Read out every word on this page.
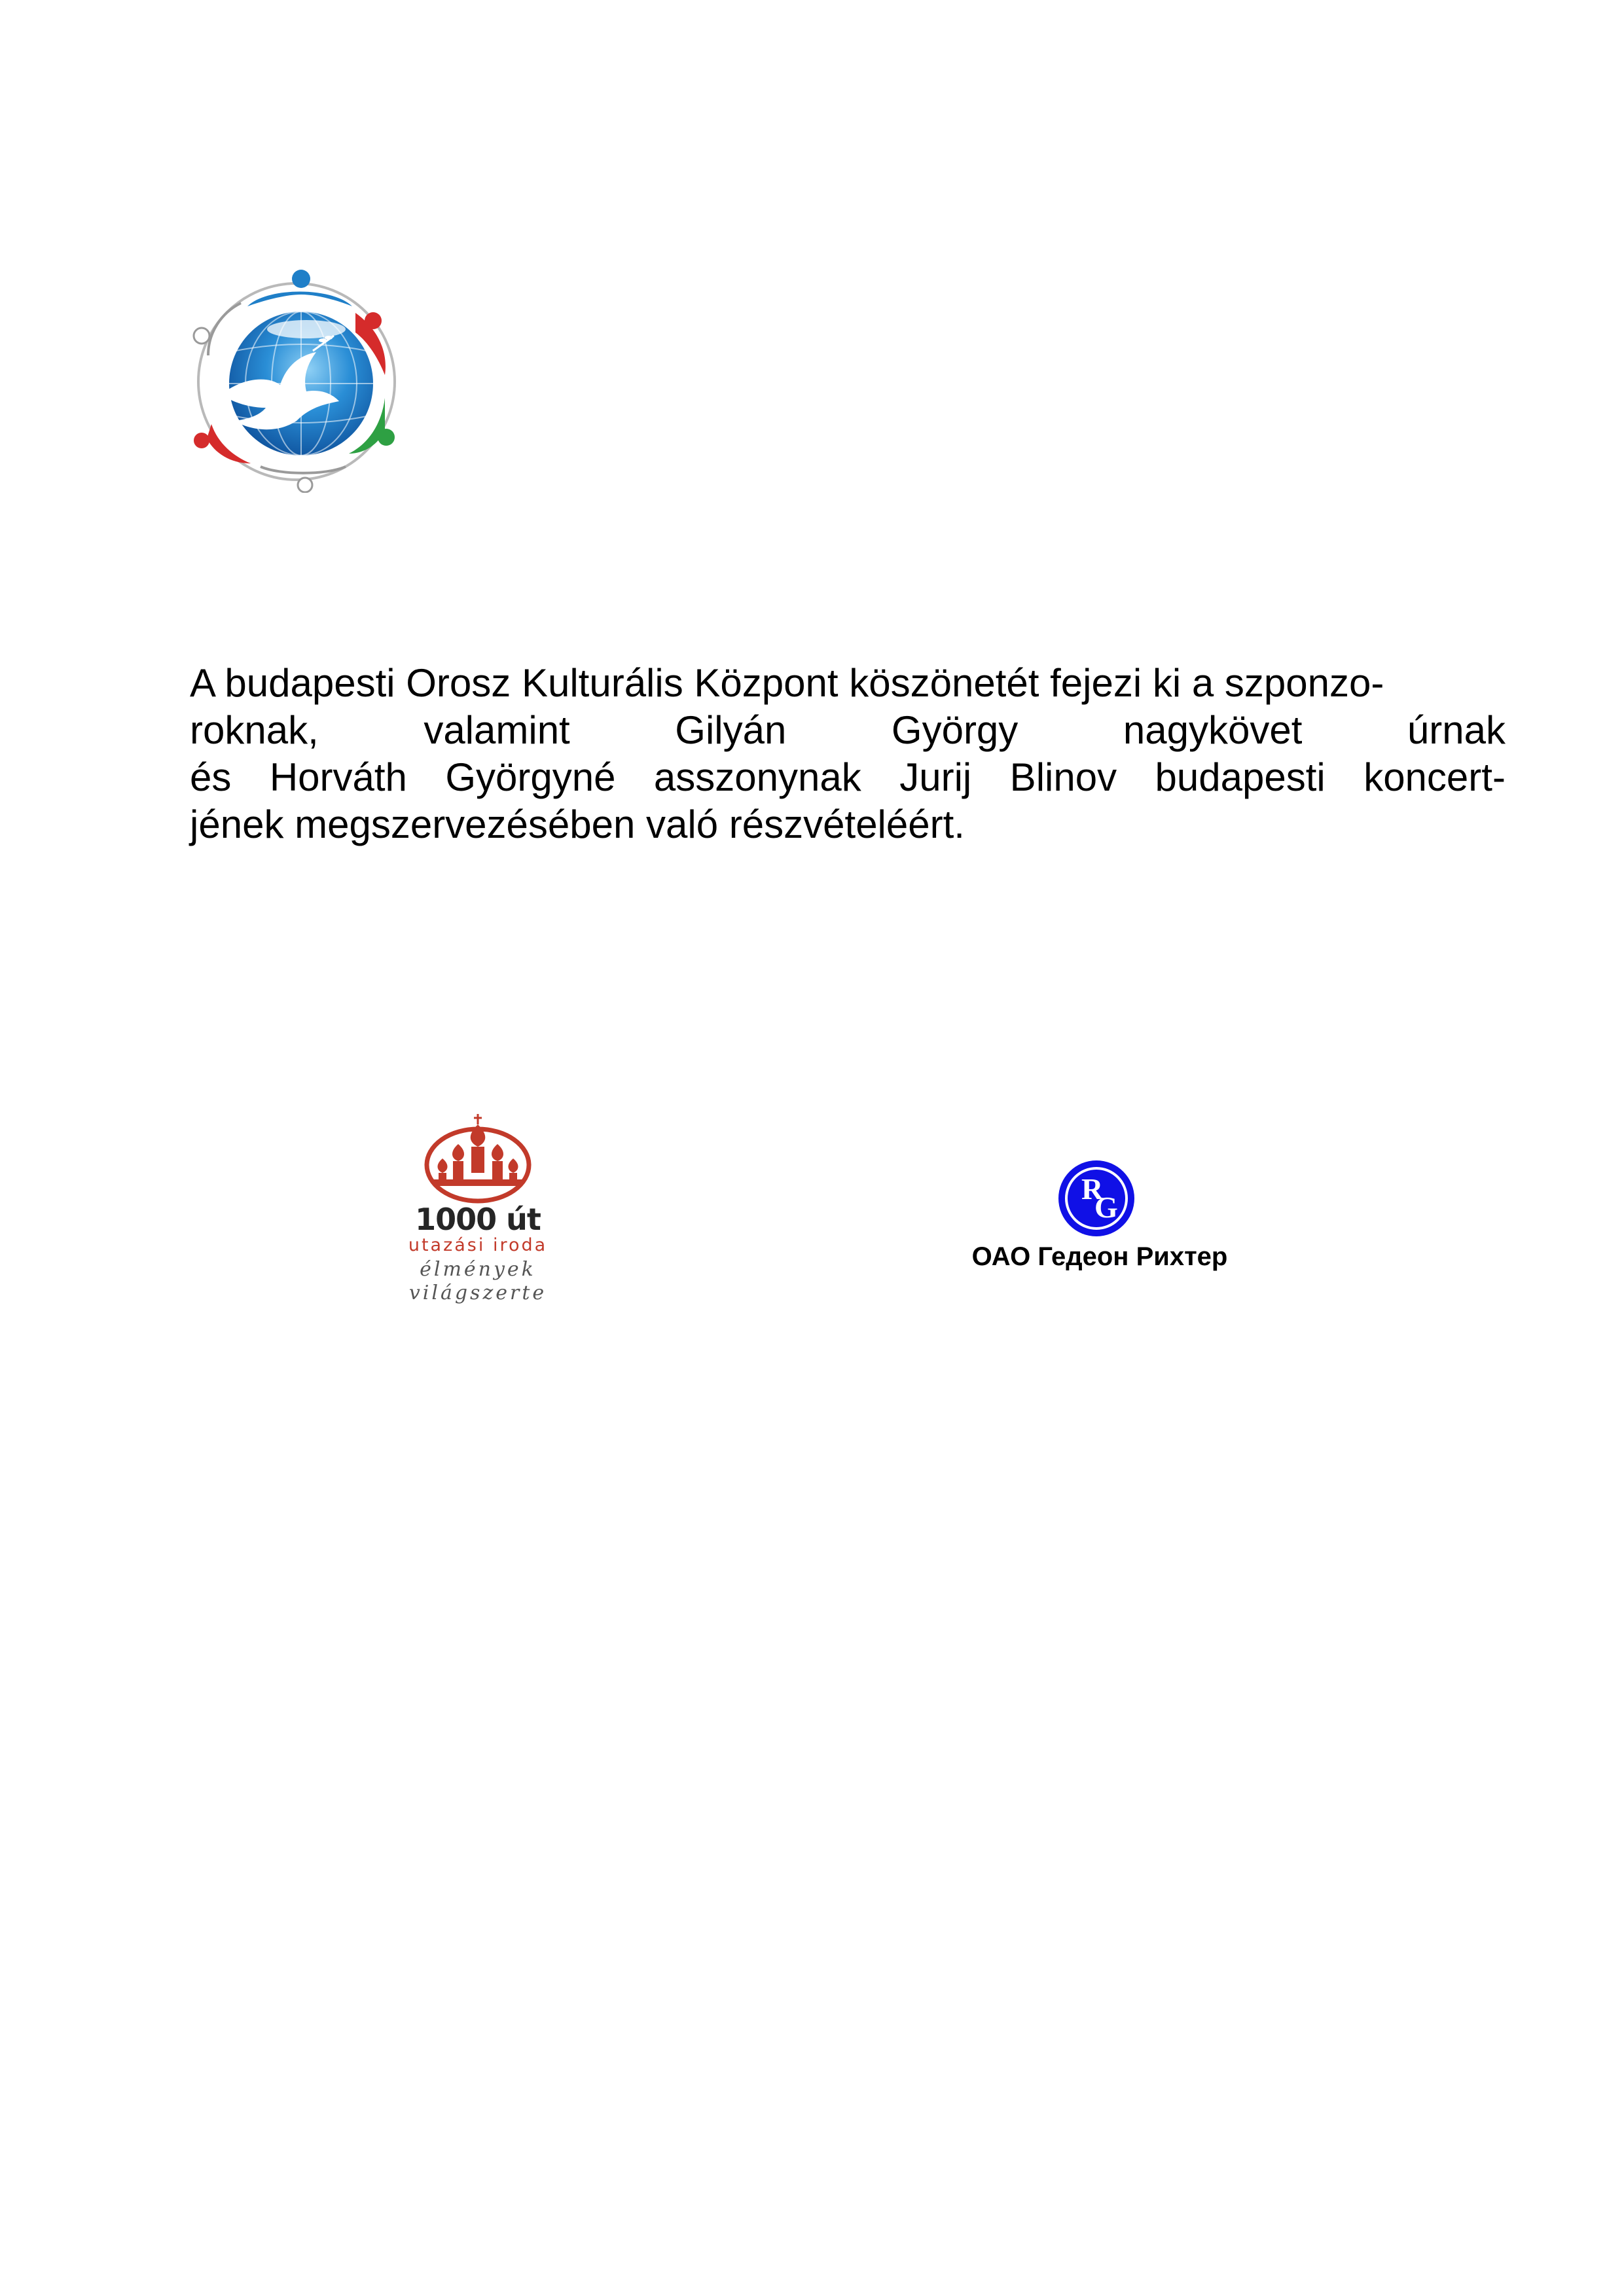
A budapesti Orosz Kulturális Központ köszönetét fejezi ki a szponzo-
roknak,	valamint	Gilyán	György	nagykövet	úrnak
és Horváth Györgyné asszonynak Jurij Blinov budapesti koncert-
jének megszervezésében való részvételéért.
1000 út
utazási iroda
élmények világszerte
R
G
ОАО Гедеон Рихтер
